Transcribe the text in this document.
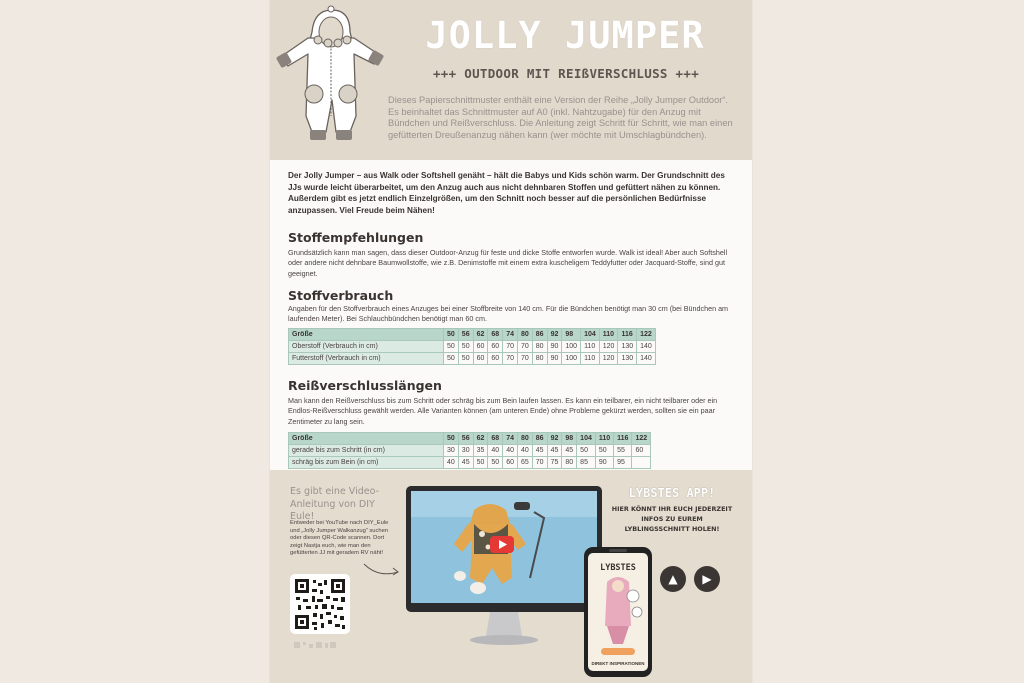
JOLLY JUMPER
+++ OUTDOOR MIT REIßVERSCHLUSS +++
Dieses Papierschnittmuster enthält eine Version der Reihe „Jolly Jumper Outdoor“. Es beinhaltet das Schnittmuster auf A0 (inkl. Nahtzugabe) für den Anzug mit Bündchen und Reißverschluss. Die Anleitung zeigt Schritt für Schritt, wie man einen gefütterten Dreußenanzug nähen kann (wer möchte mit Umschlagbündchen).
Der Jolly Jumper – aus Walk oder Softshell genäht – hält die Babys und Kids schön warm. Der Grundschnitt des JJs wurde leicht überarbeitet, um den Anzug auch aus nicht dehnbaren Stoffen und gefüttert nähen zu können. Außerdem gibt es jetzt endlich Einzelgrößen, um den Schnitt noch besser auf die persönlichen Bedürfnisse anzupassen. Viel Freude beim Nähen!
Stoffempfehlungen
Grundsätzlich kann man sagen, dass dieser Outdoor-Anzug für feste und dicke Stoffe entworfen wurde. Walk ist ideal! Aber auch Softshell oder andere nicht dehnbare Baumwollstoffe, wie z.B. Denimstoffe mit einem extra kuscheligem Teddyfutter oder Jacquard-Stoffe, sind gut geeignet.
Stoffverbrauch
Angaben für den Stoffverbrauch eines Anzuges bei einer Stoffbreite von 140 cm. Für die Bündchen benötigt man 30 cm (bei Bündchen am laufenden Meter). Bei Schlauchbündchen benötigt man 60 cm.
Größe	50	56	62	68	74	80	86	92	98	104	110	116	122
Oberstoff (Verbrauch in cm)	50	50	60	60	70	70	80	90	100	110	120	130	140
Futterstoff (Verbrauch in cm)	50	50	60	60	70	70	80	90	100	110	120	130	140
Reißverschlusslängen
Man kann den Reißverschluss bis zum Schritt oder schräg bis zum Bein laufen lassen. Es kann ein teilbarer, ein nicht teilbarer oder ein Endlos-Reißverschluss gewählt werden. Alle Varianten können (am unteren Ende) ohne Probleme gekürzt werden, sollten sie ein paar Zentimeter zu lang sein.
Größe	50	56	62	68	74	80	86	92	98	104	110	116	122
gerade bis zum Schritt (in cm)	30	30	35	40	40	40	45	45	45	50	50	55	60
schräg bis zum Bein (in cm)	40	45	50	50	60	65	70	75	80	85	90	95	
Es gibt eine Video-Anleitung von DIY Eule!
Entweder bei YouTube nach DIY_Eule und „Jolly Jumper Walkanzug“ suchen oder diesen QR-Code scannen. Dort zeigt Nastja euch, wie man den gefütterten JJ mit geradem RV näht!
LYBSTES APP!
HIER KÖNNT IHR EUCH JEDERZEIT INFOS ZU EUREM LYBLINGSSCHNITT HOLEN!
▲	▶
LYBSTES
DIREKT INSPIRATIONEN
